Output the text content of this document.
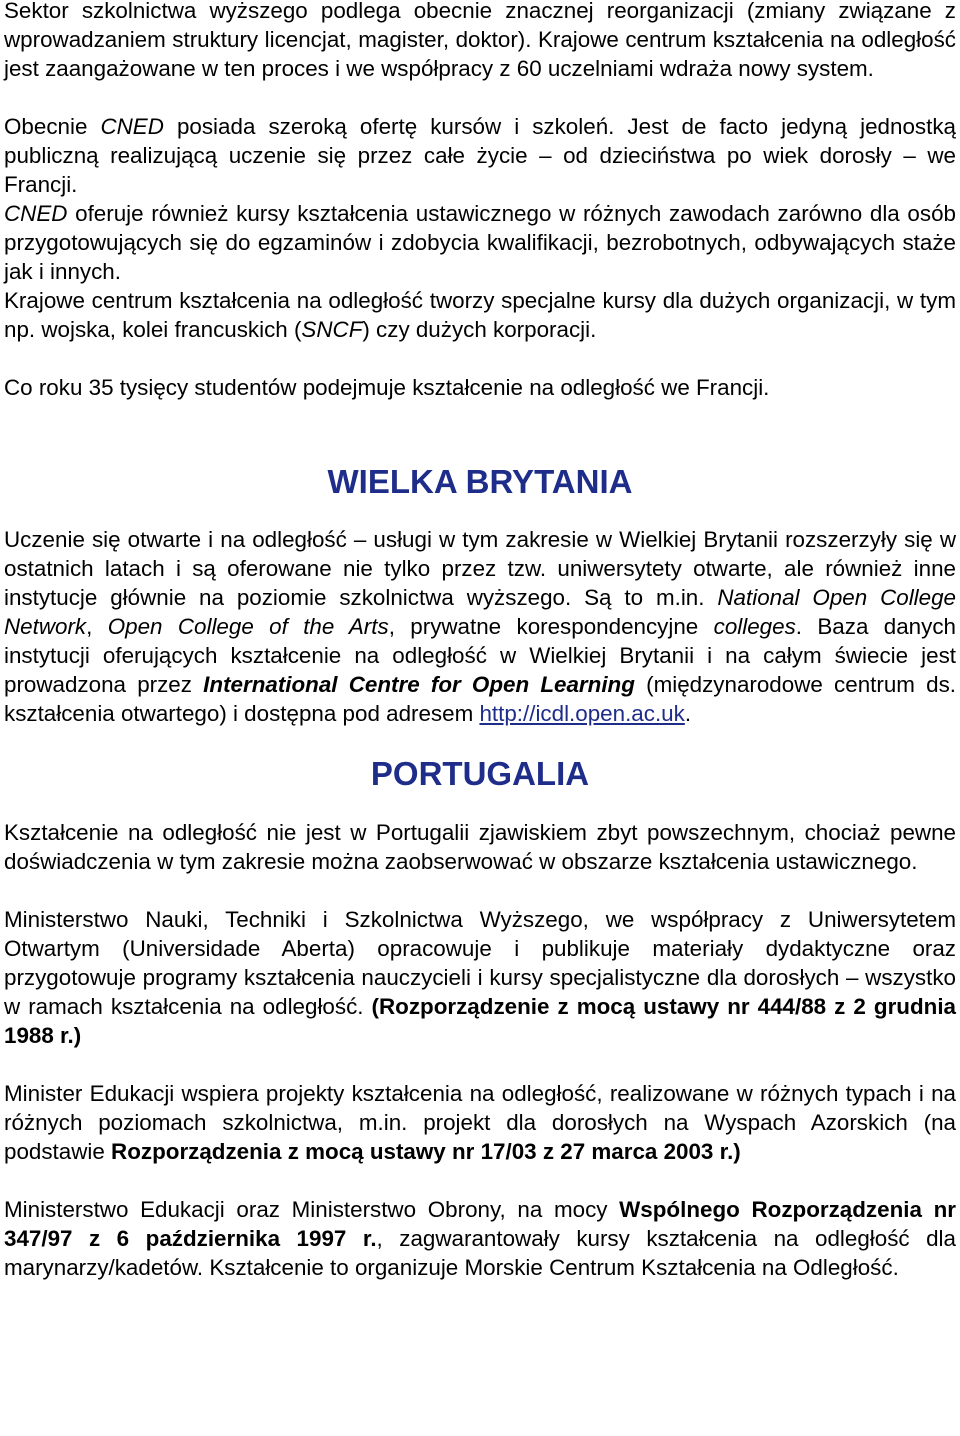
Sektor szkolnictwa wyższego podlega obecnie znacznej reorganizacji (zmiany związane z wprowadzaniem struktury licencjat, magister, doktor). Krajowe centrum kształcenia na odległość jest zaangażowane w ten proces i we współpracy z 60 uczelniami wdraża nowy system.

Obecnie CNED posiada szeroką ofertę kursów i szkoleń. Jest de facto jedyną jednostką publiczną realizującą uczenie się przez całe życie – od dzieciństwa po wiek dorosły – we Francji.

CNED oferuje również kursy kształcenia ustawicznego w różnych zawodach zarówno dla osób przygotowujących się do egzaminów i zdobycia kwalifikacji, bezrobotnych, odbywających staże jak i innych.

Krajowe centrum kształcenia na odległość tworzy specjalne kursy dla dużych organizacji, w tym np. wojska, kolei francuskich (SNCF) czy dużych korporacji.

Co roku 35 tysięcy studentów podejmuje kształcenie na odległość we Francji.

WIELKA BRYTANIA

Uczenie się otwarte i na odległość – usługi w tym zakresie w Wielkiej Brytanii rozszerzyły się w ostatnich latach i są oferowane nie tylko przez tzw. uniwersytety otwarte, ale również inne instytucje głównie na poziomie szkolnictwa wyższego. Są to m.in. National Open College Network, Open College of the Arts, prywatne korespondencyjne colleges. Baza danych instytucji oferujących kształcenie na odległość w Wielkiej Brytanii i na całym świecie jest prowadzona przez International Centre for Open Learning (międzynarodowe centrum ds. kształcenia otwartego) i dostępna pod adresem http://icdl.open.ac.uk.

PORTUGALIA

Kształcenie na odległość nie jest w Portugalii zjawiskiem zbyt powszechnym, chociaż pewne doświadczenia w tym zakresie można zaobserwować w obszarze kształcenia ustawicznego.

Ministerstwo Nauki, Techniki i Szkolnictwa Wyższego, we współpracy z Uniwersytetem Otwartym (Universidade Aberta) opracowuje i publikuje materiały dydaktyczne oraz przygotowuje programy kształcenia nauczycieli i kursy specjalistyczne dla dorosłych – wszystko w ramach kształcenia na odległość. (Rozporządzenie z mocą ustawy nr 444/88 z 2 grudnia 1988 r.)

Minister Edukacji wspiera projekty kształcenia na odległość, realizowane w różnych typach i na różnych poziomach szkolnictwa, m.in. projekt dla dorosłych na Wyspach Azorskich (na podstawie Rozporządzenia z mocą ustawy nr 17/03 z 27 marca 2003 r.)

Ministerstwo Edukacji oraz Ministerstwo Obrony, na mocy Wspólnego Rozporządzenia nr 347/97 z 6 października 1997 r., zagwarantowały kursy kształcenia na odległość dla marynarzy/kadetów. Kształcenie to organizuje Morskie Centrum Kształcenia na Odległość.
